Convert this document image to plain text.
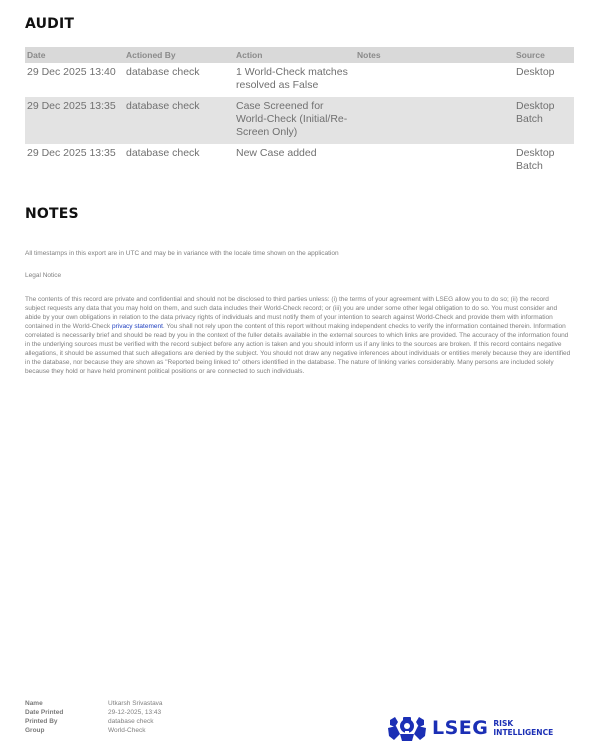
AUDIT
Date	Actioned By	Action	Notes	Source
29 Dec 2025 13:40	database check	1 World-Check matches resolved as False		Desktop
29 Dec 2025 13:35	database check	Case Screened for World-Check (Initial/Re-Screen Only)		Desktop Batch
29 Dec 2025 13:35	database check	New Case added		Desktop Batch
NOTES
All timestamps in this export are in UTC and may be in variance with the locale time shown on the application
Legal Notice
The contents of this record are private and confidential and should not be disclosed to third parties unless: (i) the terms of your agreement with LSEG allow you to do so; (ii) the record subject requests any data that you may hold on them, and such data includes their World-Check record; or (iii) you are under some other legal obligation to do so. You must consider and abide by your own obligations in relation to the data privacy rights of individuals and must notify them of your intention to search against World-Check and provide them with information contained in the World-Check privacy statement. You shall not rely upon the content of this report without making independent checks to verify the information contained therein. Information correlated is necessarily brief and should be read by you in the context of the fuller details available in the external sources to which links are provided. The accuracy of the information found in the underlying sources must be verified with the record subject before any action is taken and you should inform us if any links to the sources are broken. If this record contains negative allegations, it should be assumed that such allegations are denied by the subject. You should not draw any negative inferences about individuals or entities merely because they are identified in the database, nor because they are shown as "Reported being linked to" others identified in the database. The nature of linking varies considerably. Many persons are included solely because they hold or have held prominent political positions or are connected to such individuals.
Name	Utkarsh Srivastava
Date Printed	29-12-2025, 13:43
Printed By	database check
Group	World-Check	LSEG RISK
INTELLIGENCE
